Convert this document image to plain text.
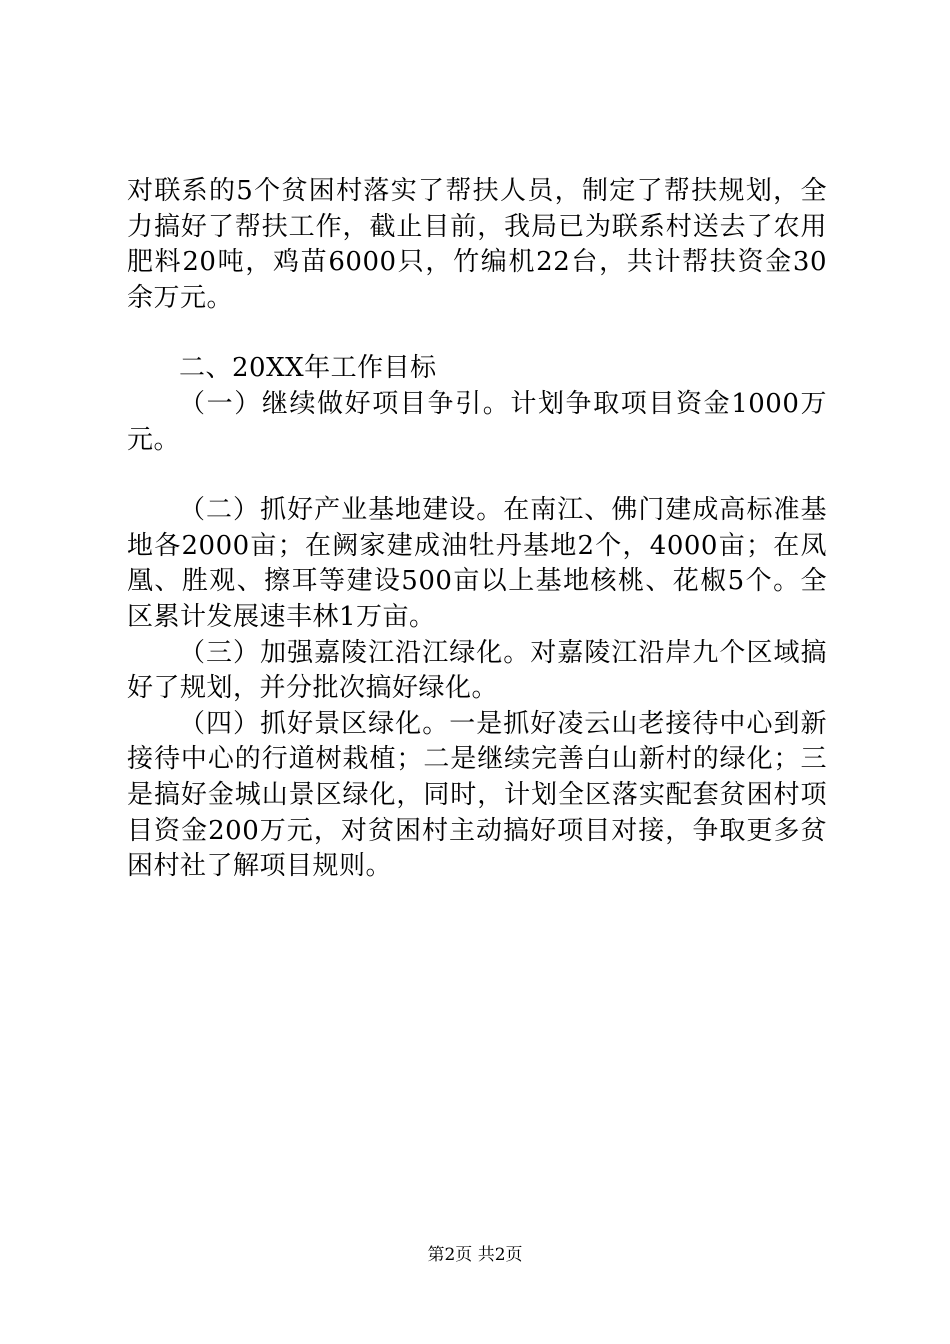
对联系的5个贫困村落实了帮扶人员，制定了帮扶规划，全力搞好了帮扶工作，截止目前，我局已为联系村送去了农用肥料20吨，鸡苗6000只，竹编机22台，共计帮扶资金30余万元。

二、20XX年工作目标

（一）继续做好项目争引。计划争取项目资金1000万元。

（二）抓好产业基地建设。在南江、佛门建成高标准基地各2000亩；在阙家建成油牡丹基地2个，4000亩；在凤凰、胜观、擦耳等建设500亩以上基地核桃、花椒5个。全区累计发展速丰林1万亩。

（三）加强嘉陵江沿江绿化。对嘉陵江沿岸九个区域搞好了规划，并分批次搞好绿化。

（四）抓好景区绿化。一是抓好凌云山老接待中心到新接待中心的行道树栽植；二是继续完善白山新村的绿化；三是搞好金城山景区绿化，同时，计划全区落实配套贫困村项目资金200万元，对贫困村主动搞好项目对接，争取更多贫困村社了解项目规则。

第2页 共2页
